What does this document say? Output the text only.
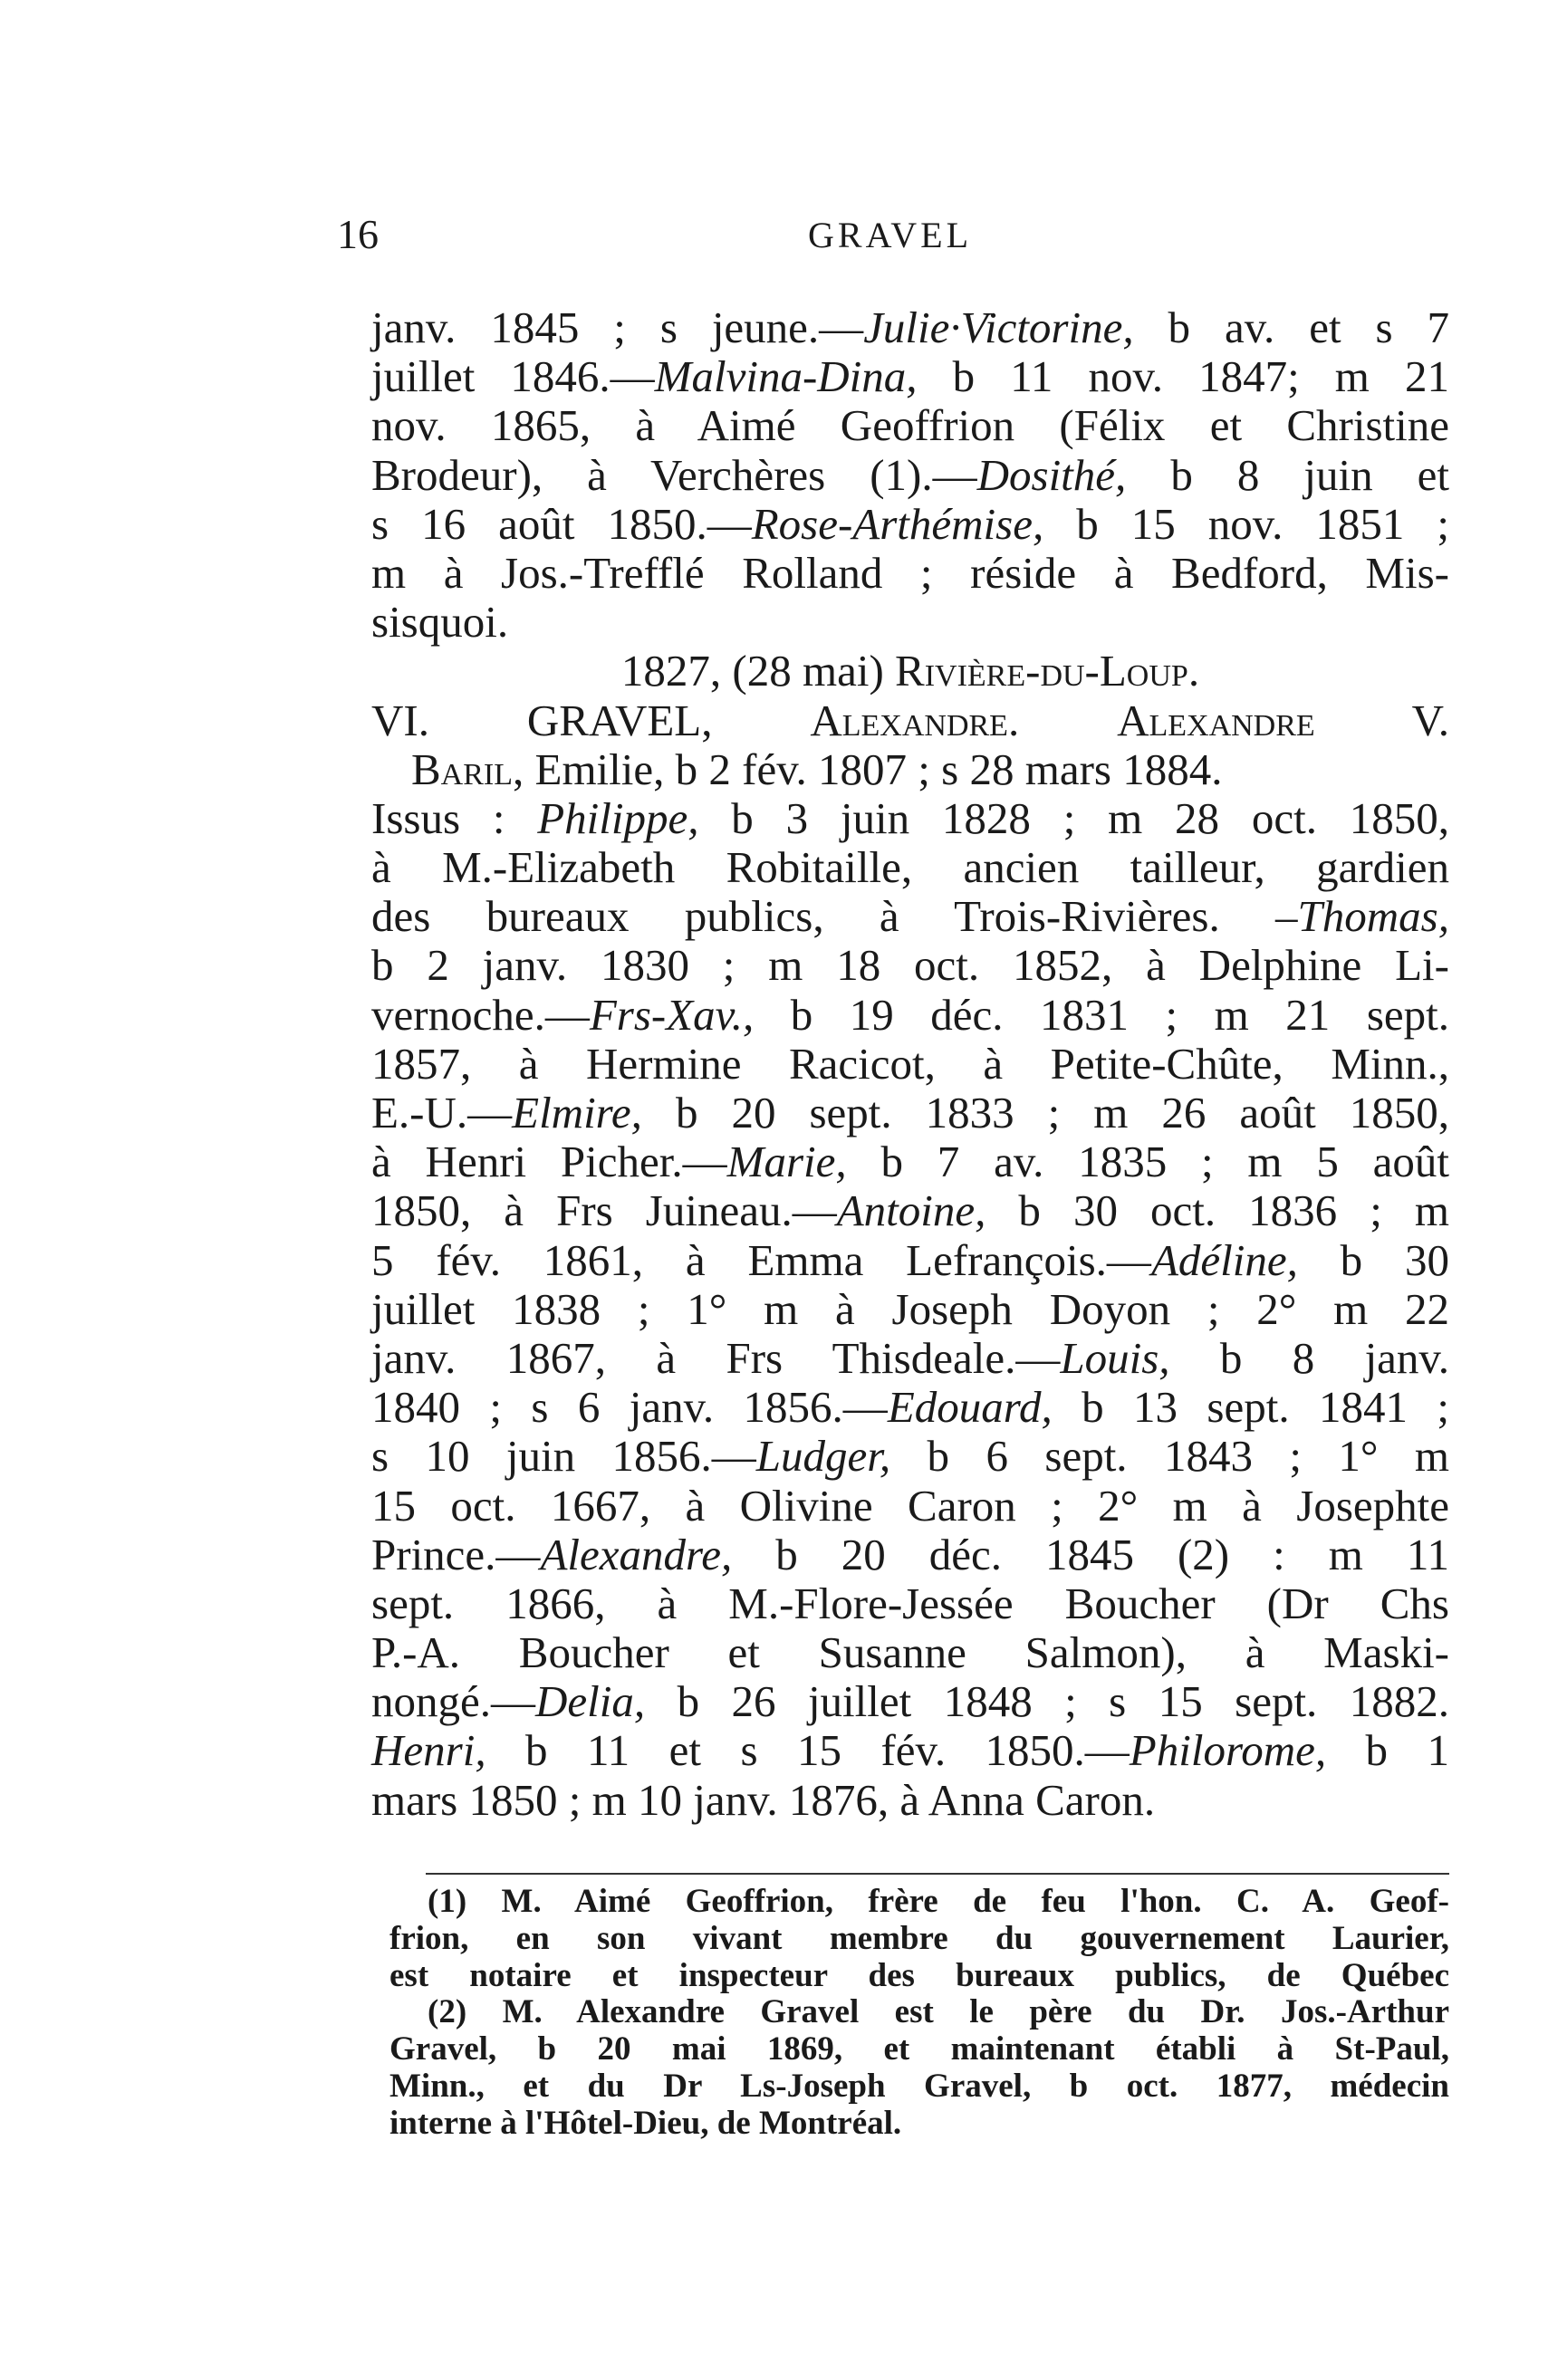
16	GRAVEL
janv. 1845 ; s jeune.—Julie·Victorine, b av. et s 7
juillet 1846.—Malvina-Dina, b 11 nov. 1847; m 21
nov. 1865, à Aimé Geoffrion (Félix et Christine
Brodeur), à Verchères (1).—Dosithé, b 8 juin et
s 16 août 1850.—Rose-Arthémise, b 15 nov. 1851 ;
m à Jos.-Trefflé Rolland ; réside à Bedford, Mis-
sisquoi.
1827, (28 mai) Rivière-du-Loup.
VI. GRAVEL, Alexandre. Alexandre V.
Baril, Emilie, b 2 fév. 1807 ; s 28 mars 1884.
Issus : Philippe, b 3 juin 1828 ; m 28 oct. 1850,
à M.-Elizabeth Robitaille, ancien tailleur, gardien
des bureaux publics, à Trois-Rivières. –Thomas,
b 2 janv. 1830 ; m 18 oct. 1852, à Delphine Li-
vernoche.—Frs-Xav., b 19 déc. 1831 ; m 21 sept.
1857, à Hermine Racicot, à Petite-Chûte, Minn.,
E.-U.—Elmire, b 20 sept. 1833 ; m 26 août 1850,
à Henri Picher.—Marie, b 7 av. 1835 ; m 5 août
1850, à Frs Juineau.—Antoine, b 30 oct. 1836 ; m
5 fév. 1861, à Emma Lefrançois.—Adéline, b 30
juillet 1838 ; 1° m à Joseph Doyon ; 2° m 22
janv. 1867, à Frs Thisdeale.—Louis, b 8 janv.
1840 ; s 6 janv. 1856.—Edouard, b 13 sept. 1841 ;
s 10 juin 1856.—Ludger, b 6 sept. 1843 ; 1° m
15 oct. 1667, à Olivine Caron ; 2° m à Josephte
Prince.—Alexandre, b 20 déc. 1845 (2) : m 11
sept. 1866, à M.-Flore-Jessée Boucher (Dr Chs
P.-A. Boucher et Susanne Salmon), à Maski-
nongé.—Delia, b 26 juillet 1848 ; s 15 sept. 1882.
Henri, b 11 et s 15 fév. 1850.—Philorome, b 1
mars 1850 ; m 10 janv. 1876, à Anna Caron.
(1) M. Aimé Geoffrion, frère de feu l'hon. C. A. Geof-
frion, en son vivant membre du gouvernement Laurier,
est notaire et inspecteur des bureaux publics, de Québec
(2) M. Alexandre Gravel est le père du Dr. Jos.-Arthur
Gravel, b 20 mai 1869, et maintenant établi à St-Paul,
Minn., et du Dr Ls-Joseph Gravel, b oct. 1877, médecin
interne à l'Hôtel-Dieu, de Montréal.
